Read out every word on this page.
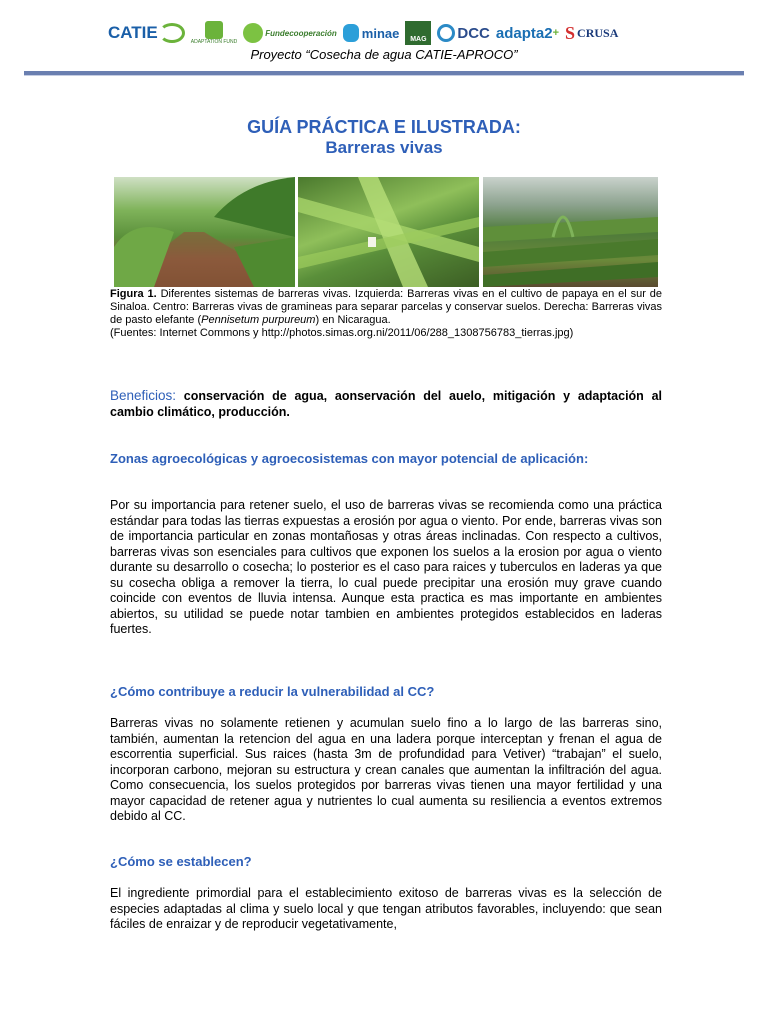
CATIE	ADAPTATION FUND
Fundecooperación minae MAG DCC adapta2 + S CRUSA
Proyecto “Cosecha de agua CATIE-APROCO”
GUÍA PRÁCTICA E ILUSTRADA:
Barreras vivas
Figura 1. Diferentes sistemas de barreras vivas. Izquierda: Barreras vivas en el cultivo de papaya en el sur de Sinaloa. Centro: Barreras vivas de gramineas para separar parcelas y conservar suelos. Derecha: Barreras vivas de pasto elefante (Pennisetum purpureum) en Nicaragua.
(Fuentes: Internet Commons y http://photos.simas.org.ni/2011/06/288_1308756783_tierras.jpg)

Beneficios: conservación de agua, aonservación del auelo, mitigación y adaptación al cambio climático, producción.

Zonas agroecológicas y agroecosistemas con mayor potencial de aplicación:

Por su importancia para retener suelo, el uso de barreras vivas se recomienda como una práctica estándar para todas las tierras expuestas a erosión por agua o viento. Por ende, barreras vivas son de importancia particular en zonas montañosas y otras áreas inclinadas. Con respecto a cultivos, barreras vivas son esenciales para cultivos que exponen los suelos a la erosion por agua o viento durante su desarrollo o cosecha; lo posterior es el caso para raices y tuberculos en laderas ya que su cosecha obliga a remover la tierra, lo cual puede precipitar una erosión muy grave cuando coincide con eventos de lluvia intensa. Aunque esta practica es mas importante en ambientes abiertos, su utilidad se puede notar tambien en ambientes protegidos establecidos en laderas fuertes.

¿Cómo contribuye a reducir la vulnerabilidad al CC?

Barreras vivas no solamente retienen y acumulan suelo fino a lo largo de las barreras sino, también, aumentan la retencion del agua en una ladera porque interceptan y frenan el agua de escorrentia superficial. Sus raices (hasta 3m de profundidad para Vetiver) “trabajan” el suelo, incorporan carbono, mejoran su estructura y crean canales que aumentan la infiltración del agua. Como consecuencia, los suelos protegidos por barreras vivas tienen una mayor fertilidad y una mayor capacidad de retener agua y nutrientes lo cual aumenta su resiliencia a eventos extremos debido al CC.

¿Cómo se establecen?

El ingrediente primordial para el establecimiento exitoso de barreras vivas es la selección de especies adaptadas al clima y suelo local y que tengan atributos favorables, incluyendo: que sean fáciles de enraizar y de reproducir vegetativamente,
